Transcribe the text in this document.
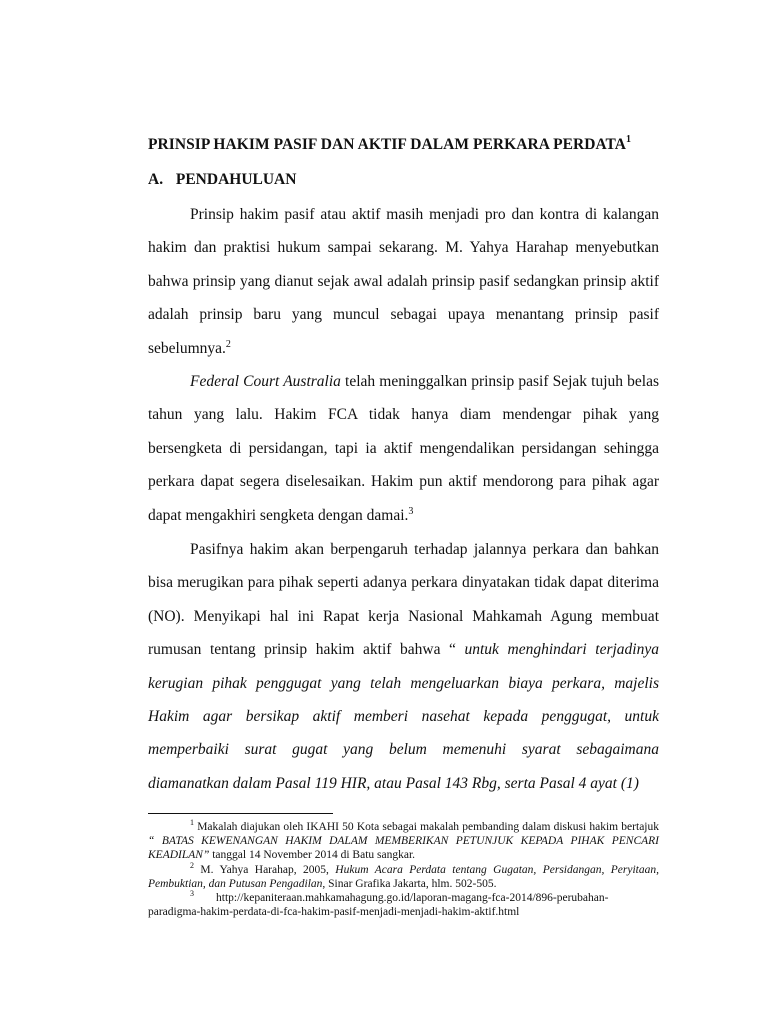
PRINSIP HAKIM PASIF DAN AKTIF DALAM PERKARA PERDATA$^1$
A. PENDAHULUAN

Prinsip hakim pasif atau aktif masih menjadi pro dan kontra di kalangan hakim dan praktisi hukum sampai sekarang. M. Yahya Harahap menyebutkan bahwa prinsip yang dianut sejak awal adalah prinsip pasif sedangkan prinsip aktif adalah prinsip baru yang muncul sebagai upaya menantang prinsip pasif sebelumnya.$^2$

Federal Court Australia telah meninggalkan prinsip pasif Sejak tujuh belas tahun yang lalu. Hakim FCA tidak hanya diam mendengar pihak yang bersengketa di persidangan, tapi ia aktif mengendalikan persidangan sehingga perkara dapat segera diselesaikan. Hakim pun aktif mendorong para pihak agar dapat mengakhiri sengketa dengan damai.$^3$

Pasifnya hakim akan berpengaruh terhadap jalannya perkara dan bahkan bisa merugikan para pihak seperti adanya perkara dinyatakan tidak dapat diterima (NO). Menyikapi hal ini Rapat kerja Nasional Mahkamah Agung membuat rumusan tentang prinsip hakim aktif bahwa “ untuk menghindari terjadinya kerugian pihak penggugat yang telah mengeluarkan biaya perkara, majelis Hakim agar bersikap aktif memberi nasehat kepada penggugat, untuk memperbaiki surat gugat yang belum memenuhi syarat sebagaimana diamanatkan dalam Pasal 119 HIR, atau Pasal 143 Rbg, serta Pasal 4 ayat (1)

$^1$ Makalah diajukan oleh IKAHI 50 Kota sebagai makalah pembanding dalam diskusi hakim bertajuk “ BATAS KEWENANGAN HAKIM DALAM MEMBERIKAN PETUNJUK KEPADA PIHAK PENCARI KEADILAN” tanggal 14 November 2014 di Batu sangkar.

$^2$ M. Yahya Harahap, 2005, Hukum Acara Perdata tentang Gugatan, Persidangan, Peryitaan, Pembuktian, dan Putusan Pengadilan, Sinar Grafika Jakarta, hlm. 502-505.

$^3$ http://kepaniteraan.mahkamahagung.go.id/laporan-magang-fca-2014/896-perubahan-paradigma-hakim-perdata-di-fca-hakim-pasif-menjadi-menjadi-hakim-aktif.html
